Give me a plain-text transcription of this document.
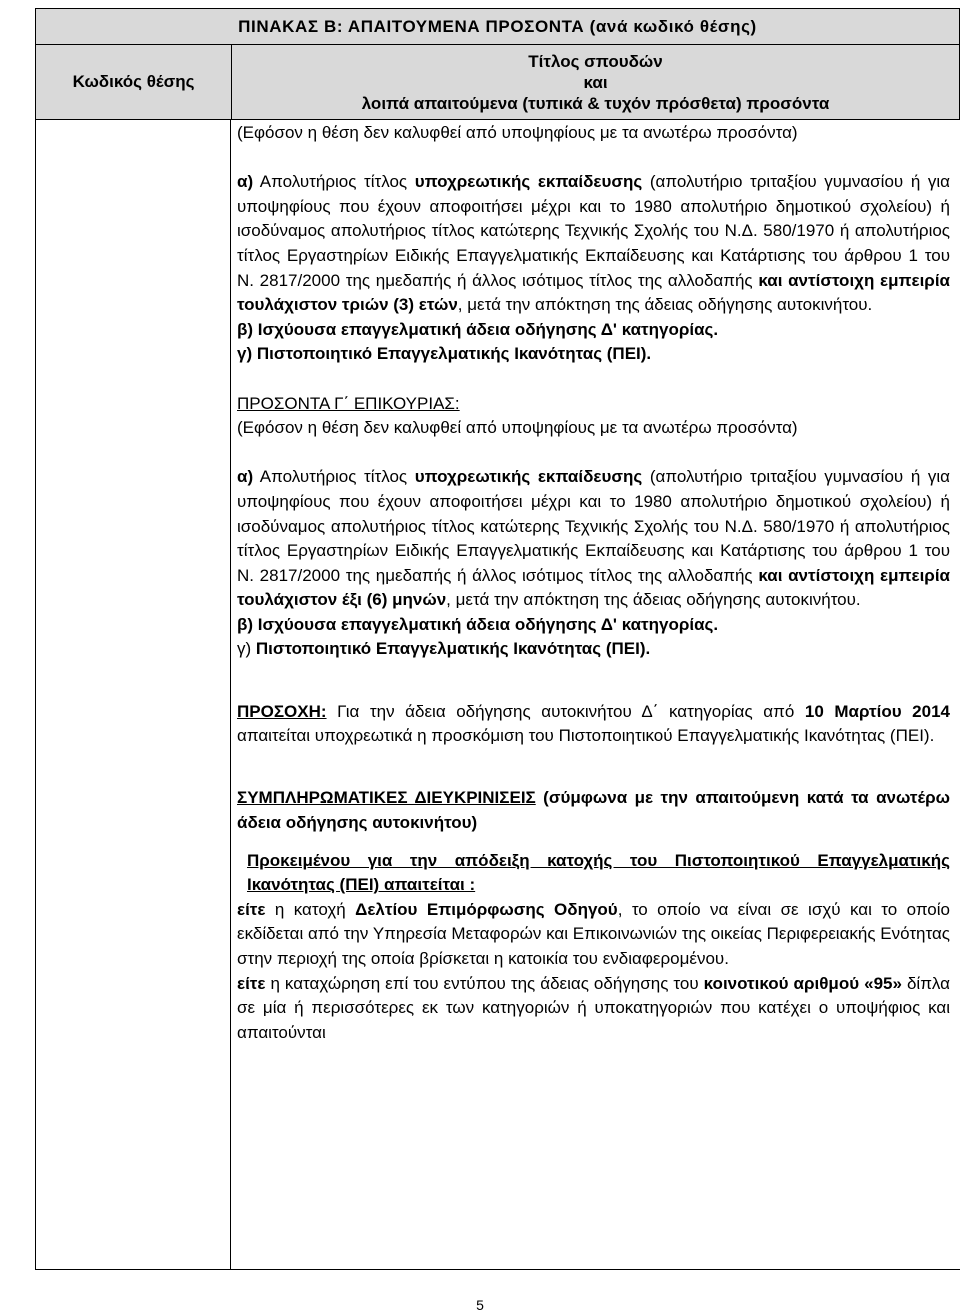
ΠΙΝΑΚΑΣ Β: ΑΠΑΙΤΟΥΜΕΝΑ ΠΡΟΣΟΝΤΑ (ανά κωδικό θέσης)
Κωδικός θέσης	
Τίτλος σπουδών
και
λοιπά απαιτούμενα (τυπικά & τυχόν πρόσθετα) προσόντα

(Εφόσον η θέση δεν καλυφθεί από υποψηφίους με τα ανωτέρω προσόντα)

α) Απολυτήριος τίτλος υποχρεωτικής εκπαίδευσης (απολυτήριο τριταξίου γυμνασίου ή για υποψηφίους που έχουν αποφοιτήσει μέχρι και το 1980 απολυτήριο δημοτικού σχολείου) ή ισοδύναμος απολυτήριος τίτλος κατώτερης Τεχνικής Σχολής του Ν.Δ. 580/1970 ή απολυτήριος τίτλος Εργαστηρίων Ειδικής Επαγγελματικής Εκπαίδευσης και Κατάρτισης του άρθρου 1 του Ν. 2817/2000 της ημεδαπής ή άλλος ισότιμος τίτλος της αλλοδαπής και αντίστοιχη εμπειρία τουλάχιστον τριών (3) ετών, μετά την απόκτηση της άδειας οδήγησης αυτοκινήτου.

β) Ισχύουσα επαγγελματική άδεια οδήγησης Δ' κατηγορίας.

γ) Πιστοποιητικό Επαγγελματικής Ικανότητας (ΠΕΙ).

ΠΡΟΣΟΝΤΑ Γ΄ ΕΠΙΚΟΥΡΙΑΣ:

(Εφόσον η θέση δεν καλυφθεί από υποψηφίους με τα ανωτέρω προσόντα)

α) Απολυτήριος τίτλος υποχρεωτικής εκπαίδευσης (απολυτήριο τριταξίου γυμνασίου ή για υποψηφίους που έχουν αποφοιτήσει μέχρι και το 1980 απολυτήριο δημοτικού σχολείου) ή ισοδύναμος απολυτήριος τίτλος κατώτερης Τεχνικής Σχολής του Ν.Δ. 580/1970 ή απολυτήριος τίτλος Εργαστηρίων Ειδικής Επαγγελματικής Εκπαίδευσης και Κατάρτισης του άρθρου 1 του Ν. 2817/2000 της ημεδαπής ή άλλος ισότιμος τίτλος της αλλοδαπής και αντίστοιχη εμπειρία τουλάχιστον έξι (6) μηνών, μετά την απόκτηση της άδειας οδήγησης αυτοκινήτου.

β) Ισχύουσα επαγγελματική άδεια οδήγησης Δ' κατηγορίας.

γ) Πιστοποιητικό Επαγγελματικής Ικανότητας (ΠΕΙ).

ΠΡΟΣΟΧΗ: Για την άδεια οδήγησης αυτοκινήτου Δ΄ κατηγορίας από 10 Μαρτίου 2014 απαιτείται υποχρεωτικά η προσκόμιση του Πιστοποιητικού Επαγγελματικής Ικανότητας (ΠΕΙ).

ΣΥΜΠΛΗΡΩΜΑΤΙΚΕΣ ΔΙΕΥΚΡΙΝΙΣΕΙΣ (σύμφωνα με την απαιτούμενη κατά τα ανωτέρω άδεια οδήγησης αυτοκινήτου)

Προκειμένου για την απόδειξη κατοχής του Πιστοποιητικού Επαγγελματικής Ικανότητας (ΠΕΙ) απαιτείται :

είτε η κατοχή Δελτίου Επιμόρφωσης Οδηγού, το οποίο να είναι σε ισχύ και το οποίο εκδίδεται από την Υπηρεσία Μεταφορών και Επικοινωνιών της οικείας Περιφερειακής Ενότητας στην περιοχή της οποία βρίσκεται η κατοικία του ενδιαφερομένου.

είτε η καταχώρηση επί του εντύπου της άδειας οδήγησης του κοινοτικού αριθμού «95» δίπλα σε μία ή περισσότερες εκ των κατηγοριών ή υποκατηγοριών που κατέχει ο υποψήφιος και απαιτούνται

5
